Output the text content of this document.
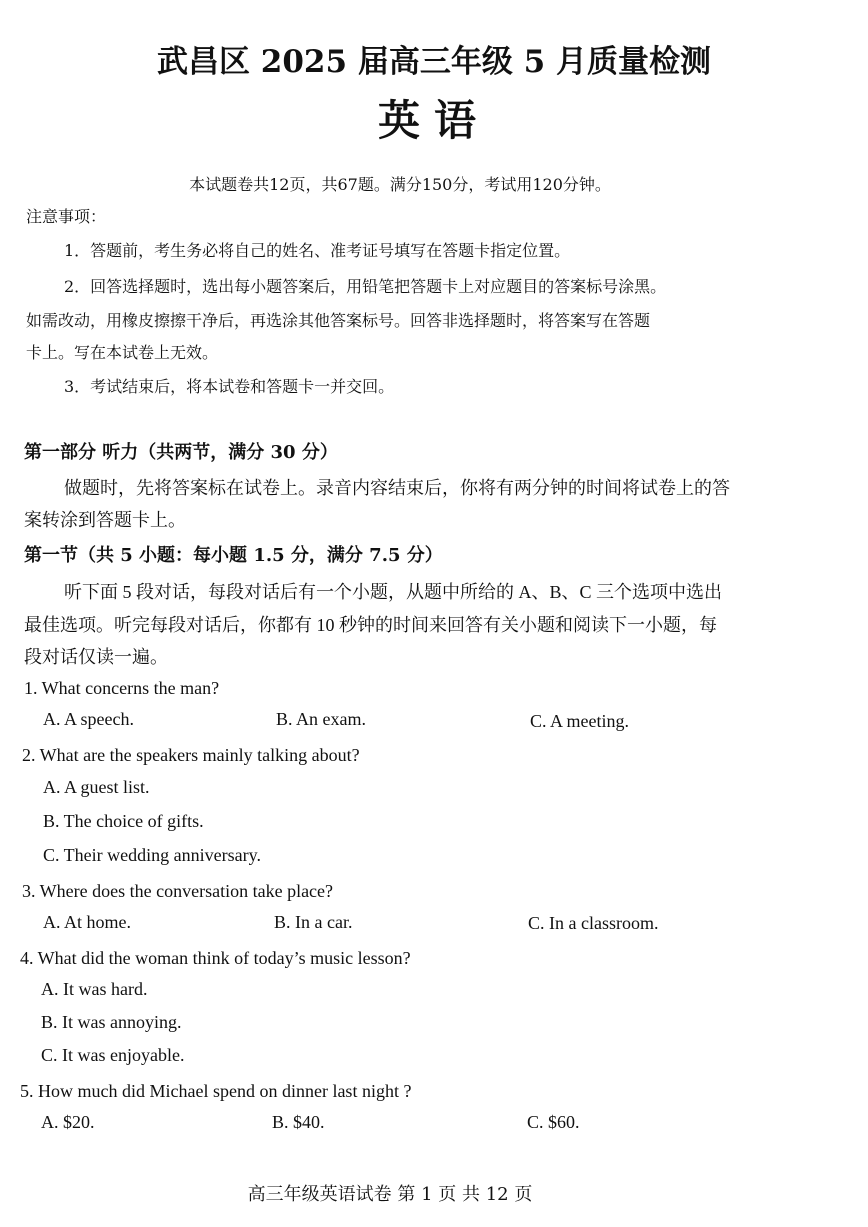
武昌区 2025 届高三年级 5 月质量检测
英语
本试题卷共12页，共67题。满分150分，考试用120分钟。
注意事项：
1．答题前，考生务必将自己的姓名、准考证号填写在答题卡指定位置。
2．回答选择题时，选出每小题答案后，用铅笔把答题卡上对应题目的答案标号涂黑。
如需改动，用橡皮擦擦干净后，再选涂其他答案标号。回答非选择题时，将答案写在答题
卡上。写在本试卷上无效。
3．考试结束后，将本试卷和答题卡一并交回。
第一部分 听力（共两节，满分 30 分）
做题时，先将答案标在试卷上。录音内容结束后，你将有两分钟的时间将试卷上的答
案转涂到答题卡上。
第一节（共 5 小题：每小题 1.5 分，满分 7.5 分）
听下面 5 段对话，每段对话后有一个小题，从题中所给的 A、B、C 三个选项中选出
最佳选项。听完每段对话后，你都有 10 秒钟的时间来回答有关小题和阅读下一小题，每
段对话仅读一遍。
1. What concerns the man?
A. A speech.	B. An exam.	C. A meeting.
2. What are the speakers mainly talking about?
A. A guest list.
B. The choice of gifts.
C. Their wedding anniversary.
3. Where does the conversation take place?
A. At home.	B. In a car.	C. In a classroom.
4. What did the woman think of today’s music lesson?
A. It was hard.
B. It was annoying.
C. It was enjoyable.
5. How much did Michael spend on dinner last night ?
A. $20.	B. $40.	C. $60.
高三年级英语试卷 第 1 页 共 12 页
